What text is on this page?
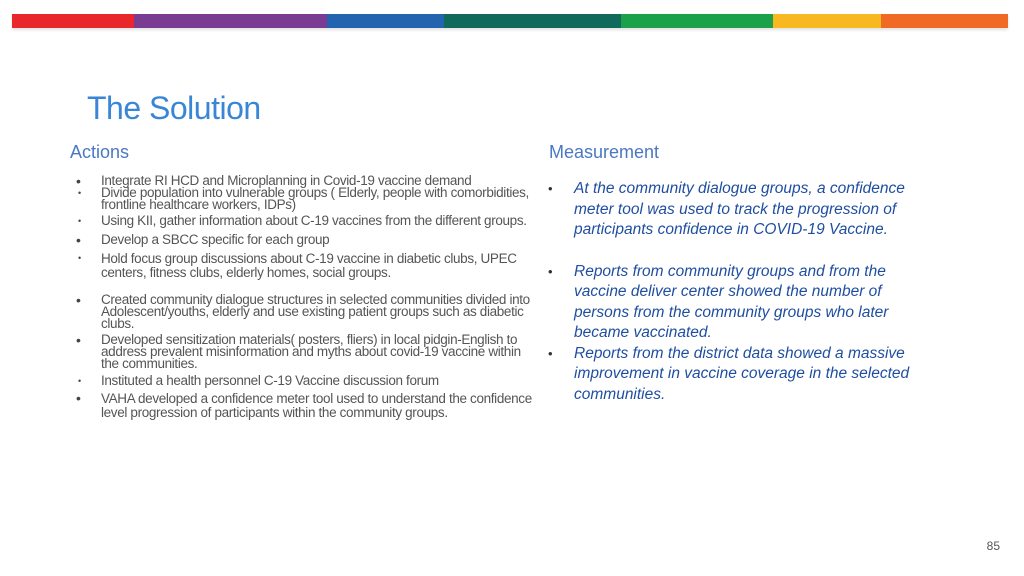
The Solution
Actions	Measurement
• Integrate RI HCD and Microplanning in Covid-19 vaccine demand
• Divide population into vulnerable groups ( Elderly, people with comorbidities, frontline healthcare workers, IDPs)
• Using KII, gather information about C-19 vaccines from the different groups.
• Develop a SBCC specific for each group
• Hold focus group discussions about C-19 vaccine in diabetic clubs, UPEC centers, fitness clubs, elderly homes, social groups.
• Created community dialogue structures in selected communities divided into Adolescent/youths, elderly and use existing patient groups such as diabetic clubs.
• Developed sensitization materials( posters, fliers) in local pidgin-English to address prevalent misinformation and myths about covid-19 vaccine within the communities.
• Instituted a health personnel C-19 Vaccine discussion forum
• VAHA developed a confidence meter tool used to understand the confidence level progression of participants within the community groups.
• At the community dialogue groups, a confidence meter tool was used to track the progression of participants confidence in COVID-19 Vaccine.
• Reports from community groups and from the vaccine deliver center showed the number of persons from the community groups who later became vaccinated.
• Reports from the district data showed a massive improvement in vaccine coverage in the selected communities.
85
